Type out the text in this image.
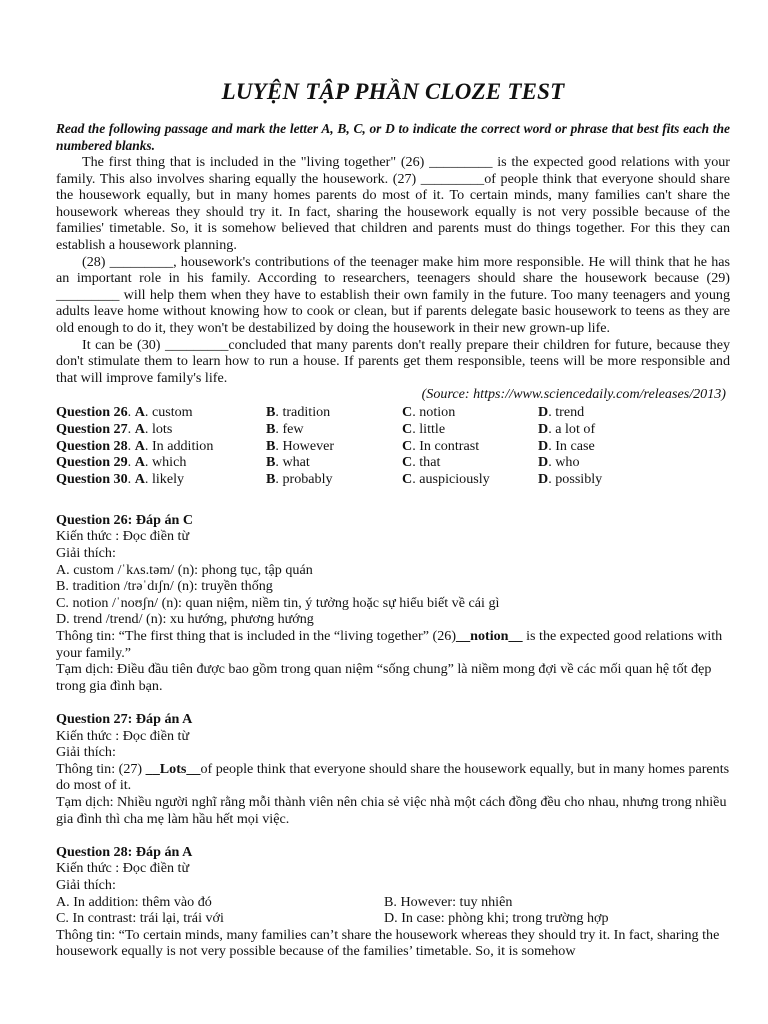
LUYỆN TẬP PHẦN CLOZE TEST
Read the following passage and mark the letter A, B, C, or D to indicate the correct word or phrase that best fits each the numbered blanks.

The first thing that is included in the "living together" (26) _________ is the expected good relations with your family. This also involves sharing equally the housework. (27) _________of people think that everyone should share the housework equally, but in many homes parents do most of it. To certain minds, many families can't share the housework whereas they should try it. In fact, sharing the housework equally is not very possible because of the families' timetable. So, it is somehow believed that children and parents must do things together. For this they can establish a housework planning.

(28) _________, housework's contributions of the teenager make him more responsible. He will think that he has an important role in his family. According to researchers, teenagers should share the housework because (29) _________ will help them when they have to establish their own family in the future. Too many teenagers and young adults leave home without knowing how to cook or clean, but if parents delegate basic housework to teens as they are old enough to do it, they won't be destabilized by doing the housework in their new grown-up life.

It can be (30) _________concluded that many parents don't really prepare their children for future, because they don't stimulate them to learn how to run a house. If parents get them responsible, teens will be more responsible and that will improve family's life.

(Source: https://www.sciencedaily.com/releases/2013)
Question 26. A. custom	B. tradition	C. notion	D. trend
Question 27. A. lots	B. few	C. little	D. a lot of
Question 28. A. In addition	B. However	C. In contrast	D. In case
Question 29. A. which	B. what	C. that	D. who
Question 30. A. likely	B. probably	C. auspiciously	D. possibly

Question 26: Đáp án C

Kiến thức : Đọc điền từ

Giải thích:

A. custom /ˈkʌs.təm/ (n): phong tục, tập quán

B. tradition /trəˈdɪʃn/ (n): truyền thống

C. notion /ˈnoʊʃn/ (n): quan niệm, niềm tin, ý tưởng hoặc sự hiểu biết về cái gì

D. trend /trend/ (n): xu hướng, phương hướng

Thông tin: “The first thing that is included in the “living together” (26)__notion__ is the expected good relations with your family.”

Tạm dịch: Điều đầu tiên được bao gồm trong quan niệm “sống chung” là niềm mong đợi về các mối quan hệ tốt đẹp trong gia đình bạn.

Question 27: Đáp án A

Kiến thức : Đọc điền từ

Giải thích:

Thông tin: (27) __Lots__of people think that everyone should share the housework equally, but in many homes parents do most of it.

Tạm dịch: Nhiều người nghĩ rằng mỗi thành viên nên chia sẻ việc nhà một cách đồng đều cho nhau, nhưng trong nhiều gia đình thì cha mẹ làm hầu hết mọi việc.

Question 28: Đáp án A

Kiến thức : Đọc điền từ

Giải thích:

A. In addition: thêm vào đó	B. However: tuy nhiên
C. In contrast: trái lại, trái với	D. In case: phòng khi; trong trường hợp

Thông tin: “To certain minds, many families can’t share the housework whereas they should try it. In fact, sharing the housework equally is not very possible because of the families’ timetable. So, it is somehow
